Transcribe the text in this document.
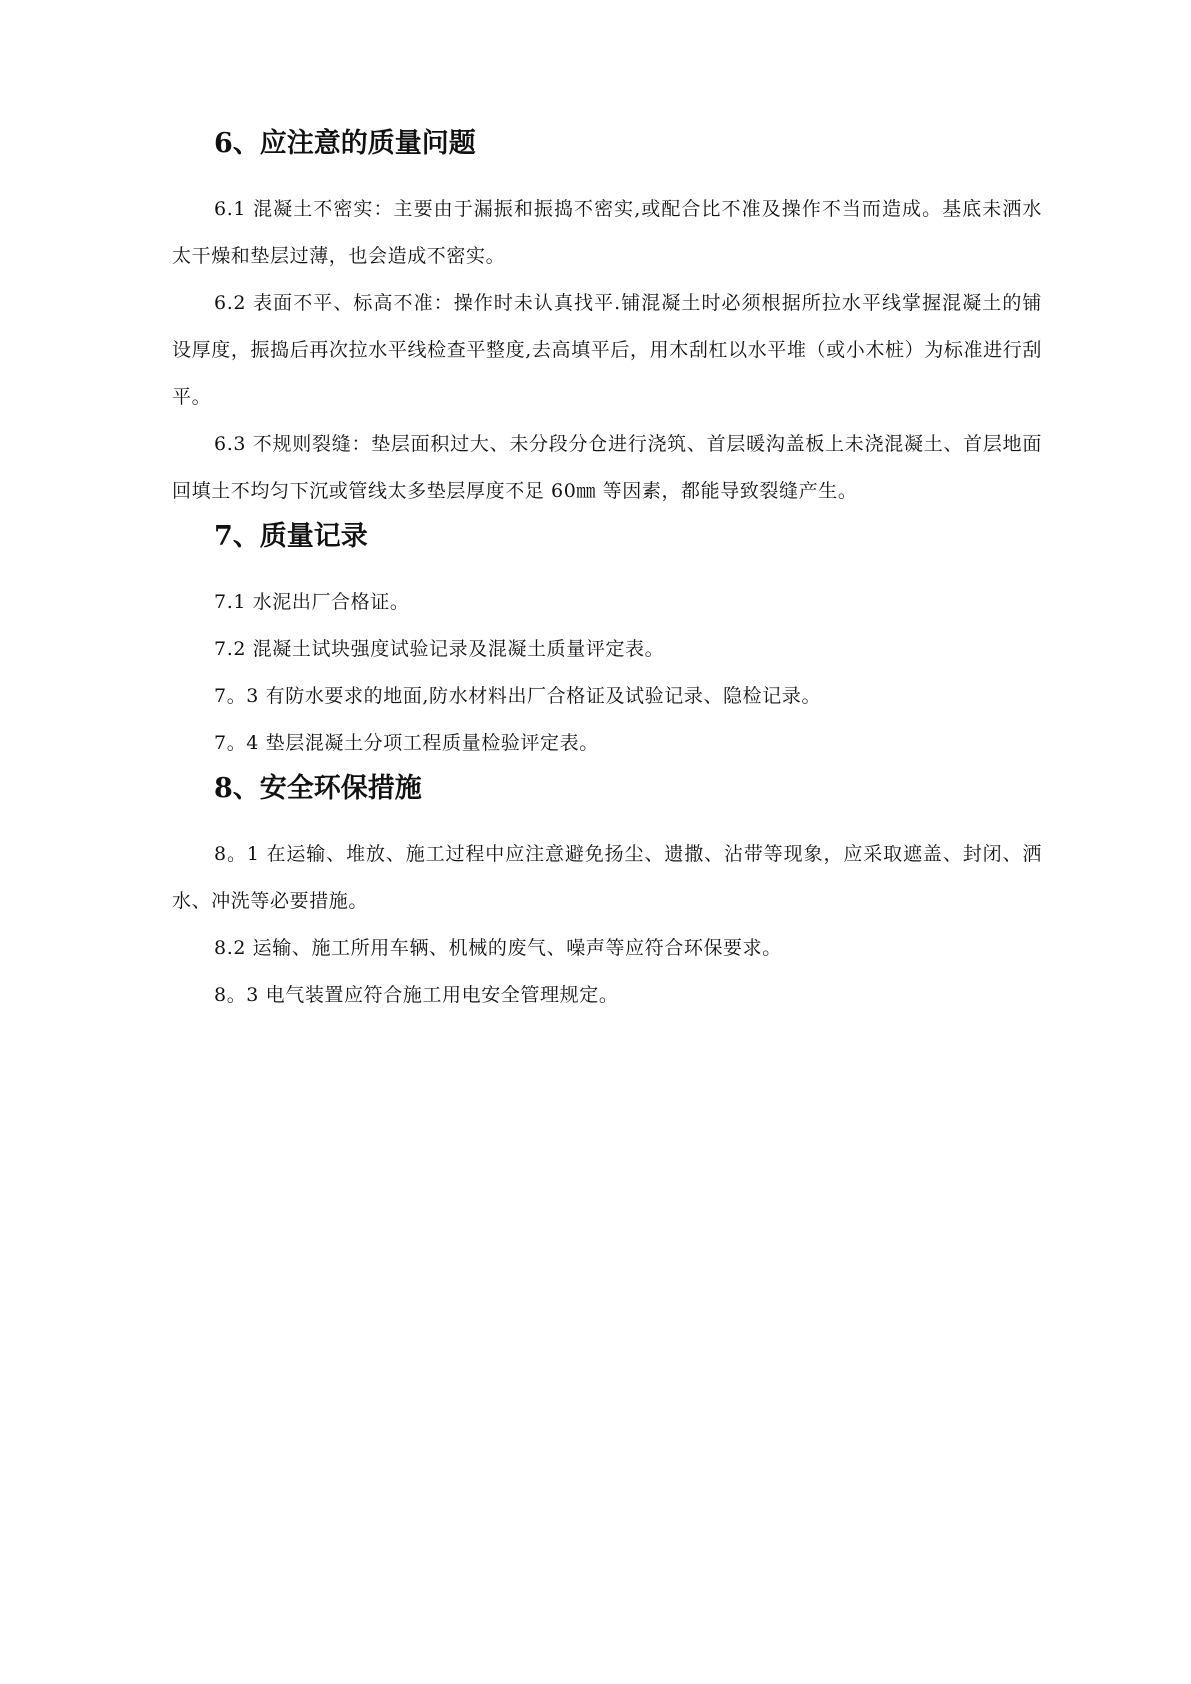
6、应注意的质量问题

6.1 混凝土不密实：主要由于漏振和振捣不密实,或配合比不准及操作不当而造成。基底未洒水太干燥和垫层过薄，也会造成不密实。

6.2 表面不平、标高不准：操作时未认真找平.铺混凝土时必须根据所拉水平线掌握混凝土的铺设厚度，振捣后再次拉水平线检查平整度,去高填平后，用木刮杠以水平堆（或小木桩）为标准进行刮平。

6.3 不规则裂缝：垫层面积过大、未分段分仓进行浇筑、首层暖沟盖板上未浇混凝土、首层地面回填土不均匀下沉或管线太多垫层厚度不足 60㎜ 等因素，都能导致裂缝产生。

7、质量记录

7.1 水泥出厂合格证。

7.2 混凝土试块强度试验记录及混凝土质量评定表。

7。3 有防水要求的地面,防水材料出厂合格证及试验记录、隐检记录。

7。4 垫层混凝土分项工程质量检验评定表。

8、安全环保措施

8。1 在运输、堆放、施工过程中应注意避免扬尘、遗撒、沾带等现象，应采取遮盖、封闭、洒水、冲洗等必要措施。

8.2 运输、施工所用车辆、机械的废气、噪声等应符合环保要求。

8。3 电气装置应符合施工用电安全管理规定。
